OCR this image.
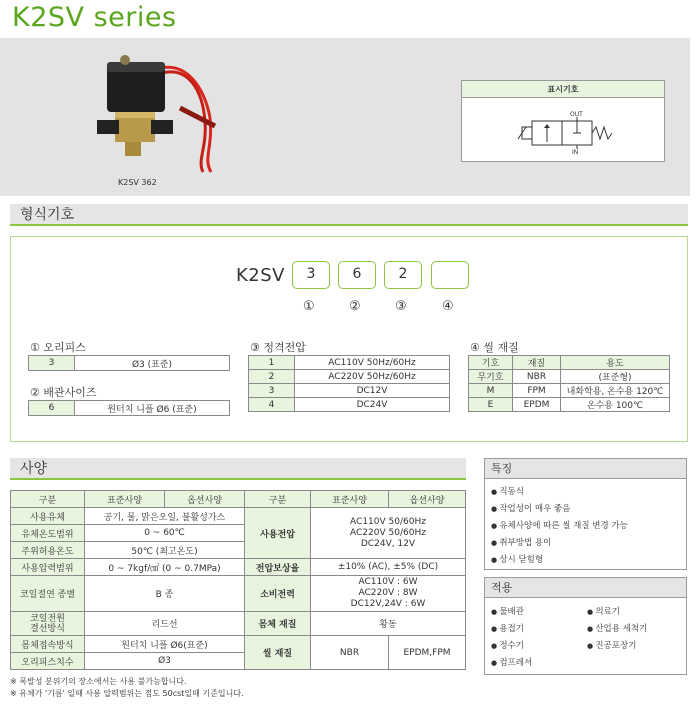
K2SV series
K2SV 362
표시기호
OUT
IN
형식기호
K2SV	3	6	2
①	②	③	④
① 오리피스
3	Ø3 (표준)
② 배관사이즈
6	원터치 니플 Ø6 (표준)
③ 정격전압
1	AC110V 50Hz/60Hz
2	AC220V 50Hz/60Hz
3	DC12V
4	DC24V
④ 씰 재질
기호	재질	용도
무기호	NBR	(표준형)
M	FPM	내화학용, 온수용 120℃
E	EPDM	온수용 100℃
사양
구분	표준사양	옵션사양	구분	표준사양	옵션사양
사용유체	공기, 물, 맑은오일, 불활성가스		사용전압	AC110V 50/60Hz
AC220V 50/60Hz
DC24V, 12V	
유체온도범위	0 ~ 60℃				
주위허용온도	50℃ (최고온도)				
사용압력범위	0 ~ 7kgf/㎠ (0 ~ 0.7MPa)		전압보상율	±10% (AC), ±5% (DC)	
코일절연 종별	B 종		소비전력	AC110V : 6W
AC220V : 8W
DC12V,24V : 6W	
코일전원
결선방식	리드선		몸체 재질	황동	
몸체접속방식	원터치 니플 Ø6(표준)		씰 재질	NBR	EPDM,FPM
오리피스치수	Ø3				
특징
● 직동식
● 작업성이 매우 좋음
● 유체사양에 따른 씰 재질 변경 가능
● 취부방법 용이
● 상시 닫힘형
적용
● 물배관
● 용접기
● 정수기
● 컴프레셔
● 의료기
● 산업용 세척기
● 진공포장기
※ 폭발성 분위기의 장소에서는 사용 불가능합니다.
※ 유체가 '기름' 일때 사용 압력범위는 점도 50cst일때 기준입니다.
